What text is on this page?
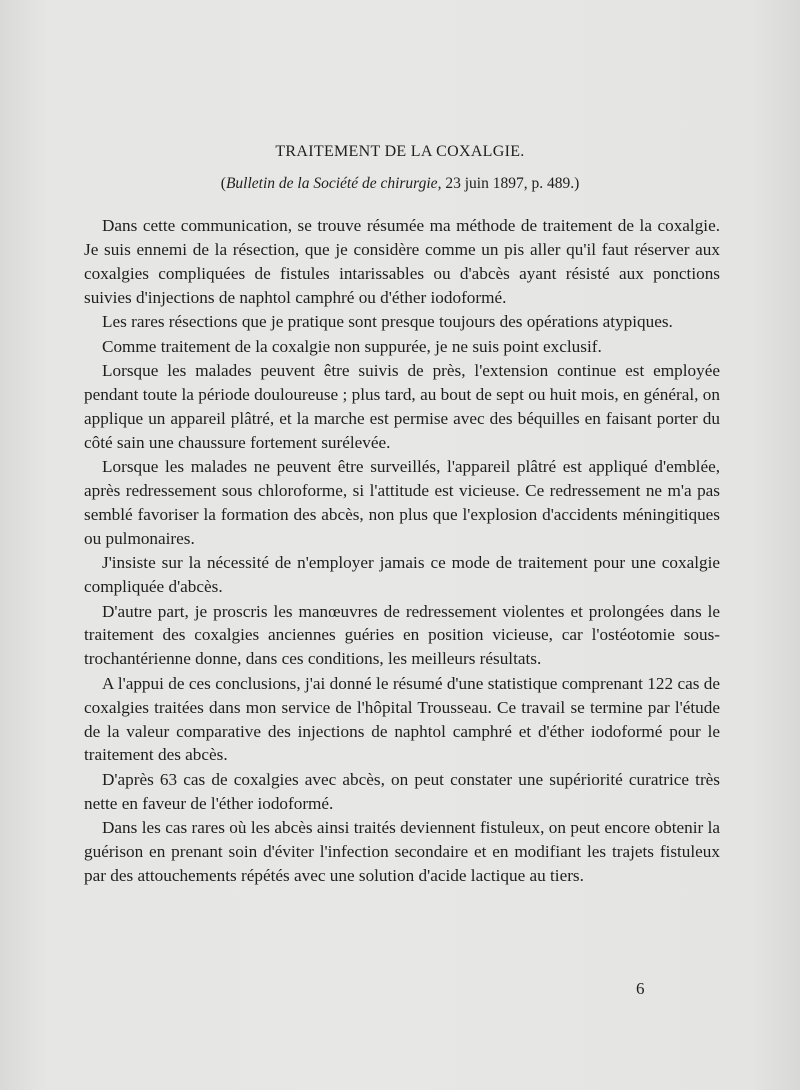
TRAITEMENT DE LA COXALGIE.
(Bulletin de la Société de chirurgie, 23 juin 1897, p. 489.)

Dans cette communication, se trouve résumée ma méthode de traitement de la coxalgie. Je suis ennemi de la résection, que je considère comme un pis aller qu'il faut réserver aux coxalgies compliquées de fistules intarissables ou d'abcès ayant résisté aux ponctions suivies d'injections de naphtol camphré ou d'éther iodoformé.

Les rares résections que je pratique sont presque toujours des opérations atypiques.

Comme traitement de la coxalgie non suppurée, je ne suis point exclusif.

Lorsque les malades peuvent être suivis de près, l'extension continue est employée pendant toute la période douloureuse ; plus tard, au bout de sept ou huit mois, en général, on applique un appareil plâtré, et la marche est permise avec des béquilles en faisant porter du côté sain une chaussure fortement surélevée.

Lorsque les malades ne peuvent être surveillés, l'appareil plâtré est appliqué d'emblée, après redressement sous chloroforme, si l'attitude est vicieuse. Ce redressement ne m'a pas semblé favoriser la formation des abcès, non plus que l'explosion d'accidents méningitiques ou pulmonaires.

J'insiste sur la nécessité de n'employer jamais ce mode de traitement pour une coxalgie compliquée d'abcès.

D'autre part, je proscris les manœuvres de redressement violentes et prolongées dans le traitement des coxalgies anciennes guéries en position vicieuse, car l'ostéotomie sous-trochantérienne donne, dans ces conditions, les meilleurs résultats.

A l'appui de ces conclusions, j'ai donné le résumé d'une statistique comprenant 122 cas de coxalgies traitées dans mon service de l'hôpital Trousseau. Ce travail se termine par l'étude de la valeur comparative des injections de naphtol camphré et d'éther iodoformé pour le traitement des abcès.

D'après 63 cas de coxalgies avec abcès, on peut constater une supériorité curatrice très nette en faveur de l'éther iodoformé.

Dans les cas rares où les abcès ainsi traités deviennent fistuleux, on peut encore obtenir la guérison en prenant soin d'éviter l'infection secondaire et en modifiant les trajets fistuleux par des attouchements répétés avec une solution d'acide lactique au tiers.

6
